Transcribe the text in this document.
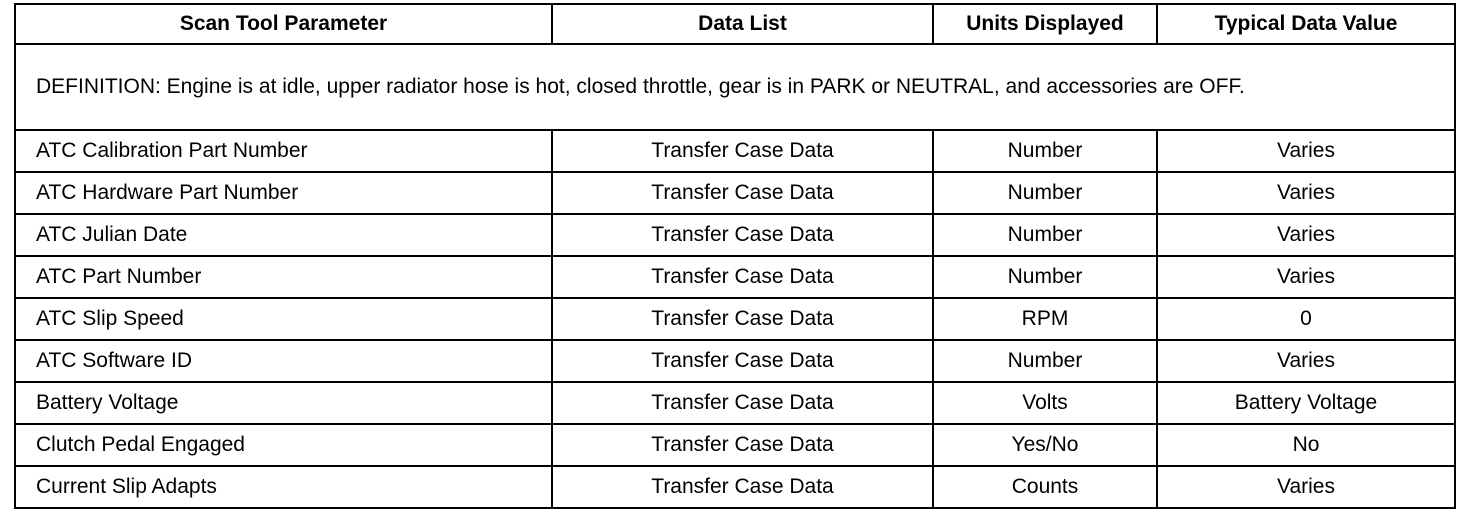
Scan Tool Parameter	Data List	Units Displayed	Typical Data Value
DEFINITION: Engine is at idle, upper radiator hose is hot, closed throttle, gear is in PARK or NEUTRAL, and accessories are OFF.			
ATC Calibration Part Number	Transfer Case Data	Number	Varies
ATC Hardware Part Number	Transfer Case Data	Number	Varies
ATC Julian Date	Transfer Case Data	Number	Varies
ATC Part Number	Transfer Case Data	Number	Varies
ATC Slip Speed	Transfer Case Data	RPM	0
ATC Software ID	Transfer Case Data	Number	Varies
Battery Voltage	Transfer Case Data	Volts	Battery Voltage
Clutch Pedal Engaged	Transfer Case Data	Yes/No	No
Current Slip Adapts	Transfer Case Data	Counts	Varies
